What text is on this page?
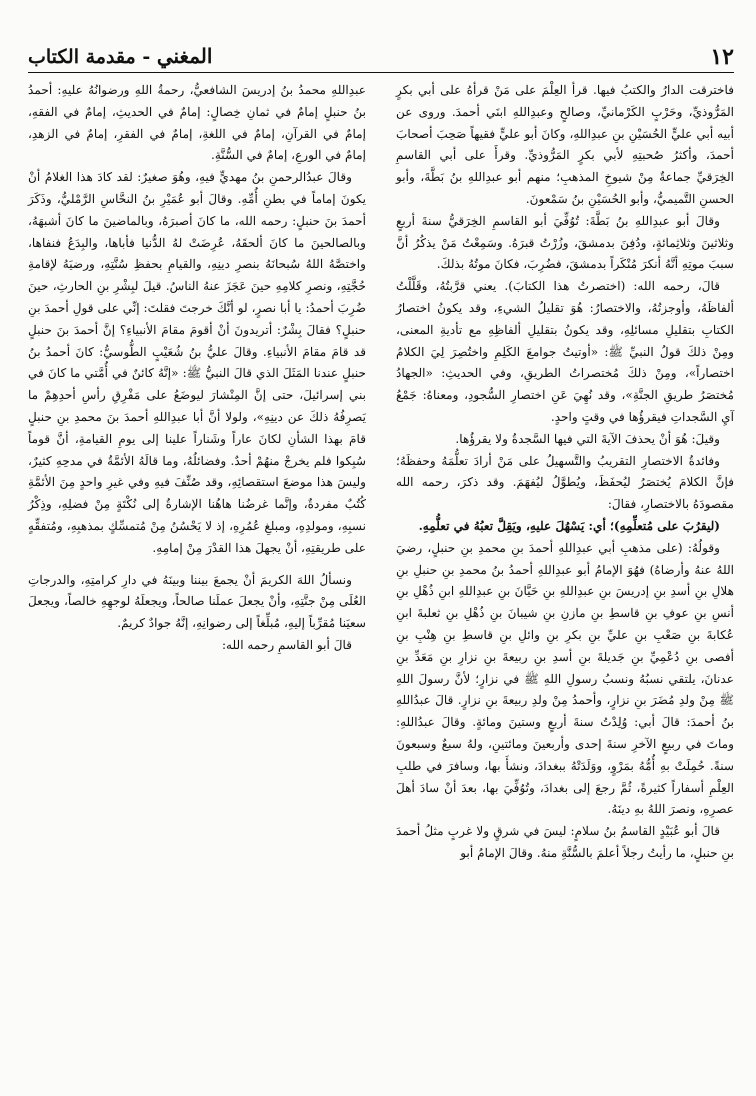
١٢
المغني - مقدمة الكتاب

فاخترقت الدارُ والكتبُ فيها. قرأ العِلْمَ على مَنْ قرأهُ على أبي بكرٍ المَرُّوذيِّ، وحَرْبٍ الكَرْمانيِّ، وصالحٍ وعبدِاللهِ ابنَي أحمدَ. وروى عن أبيه أبي عليٍّ الحُسَيْنِ بنِ عبدِاللهِ، وكانَ أبو عليٍّ فقيهاً صَحِبَ أصحابَ أحمدَ، وأكثرُ صُحبتِهِ لأبي بكرٍ المَرُّوذيِّ. وقرأَ على أبي القاسمِ الخِرَقيِّ جماعةٌ مِنْ شيوخِ المذهبِ؛ منهم أبو عبدِاللهِ بنُ بَطَّةَ، وأبو الحسنِ التَّميميُّ، وأبو الحُسَيْنِ بنُ سَمْعونَ.

وقالَ أبو عبدِاللهِ بنُ بَطَّةَ: تُوُفِّيَ أبو القاسمِ الخِرَقيُّ سنةَ أربعٍ وثلاثينَ وثلاثِمائةٍ، ودُفِنَ بدمشقَ، وزُرْتُ قبرَهُ. وسَمِعْتُ مَنْ يذكُرُ أنَّ سببَ موتِهِ أنَّهُ أنكرَ مُنْكَراً بدمشقَ، فضُرِبَ، فكانَ موتُهُ بذلكَ.

قالَ، رحمه الله: (اختصرتُ هذا الكتابَ). يعني قرَّبتُهُ، وقَلَّلْتُ ألفاظَهُ، وأوجزتُهُ، والاختصارُ: هُوَ تقليلُ الشيءِ، وقد يكونُ اختصارُ الكتابِ بتقليلِ مسائلِهِ، وقد يكونُ بتقليلِ ألفاظِهِ مع تأديةِ المعنى، ومِنْ ذلكَ قولُ النبيِّ ﷺ: «أوتيتُ جوامعَ الكَلِمِ واختُصِرَ لِيَ الكلامُ اختصاراً»، ومِنْ ذلكَ مُختصراتُ الطريقِ، وفي الحديثِ: «الجهادُ مُختصَرُ طريقِ الجنَّةِ»، وقد نُهِيَ عَنِ اختصارِ السُّجودِ، ومعناهُ: جَمْعُ آيِ السَّجداتِ فيقرؤُها في وقتٍ واحدٍ.

وقيلَ: هُوَ أنْ يحذفَ الآيةَ التي فيها السَّجدةُ ولا يقرؤُها.

وفائدةُ الاختصارِ التقريبُ والتَّسهيلُ على مَنْ أرادَ تعلُّمَهُ وحفظَهُ؛ فإنَّ الكلامَ يُختصَرُ ليُحفَظَ، ويُطوَّلُ ليُفهَمَ. وقد ذكرَ، رحمه الله مقصودَهُ بالاختصارِ، فقالَ:

(ليقرُبَ على مُتعلِّمِهِ)؛ أي: يَسْهُلَ عليهِ، ويَقِلَّ تعبُهُ في تعلُّمِهِ.

وقولُهُ: (على مذهبِ أبي عبدِاللهِ أحمدَ بنِ محمدِ بنِ حنبلٍ، رضيَ اللهُ عنهُ وأرضاهُ) فهُوَ الإمامُ أبو عبدِاللهِ أحمدُ بنُ محمدِ بنِ حنبلِ بنِ هلالِ بنِ أسدِ بنِ إدريسَ بنِ عبدِاللهِ بنِ حَيَّانَ بنِ عبدِاللهِ ابنِ ذُهْلِ بنِ أنسِ بنِ عوفِ بنِ قاسطِ بنِ مازنِ بنِ شيبانَ بنِ ذُهْلِ بنِ ثعلبةَ ابنِ عُكابةَ بنِ صَعْبِ بنِ عليِّ بنِ بكرِ بنِ وائلِ بنِ قاسطِ بنِ هِنْبِ بنِ أفصى بنِ دُعْمِيِّ بنِ جَديلةَ بنِ أسدِ بنِ ربيعةَ بنِ نزارِ بنِ مَعَدِّ بنِ عدنانَ، يلتقي نسبُهُ ونسبُ رسولِ اللهِ ﷺ في نزارٍ؛ لأنَّ رسولَ اللهِ ﷺ مِنْ ولدِ مُضَرَ بنِ نزارٍ، وأحمدُ مِنْ ولدِ ربيعةَ بنِ نزارٍ. قالَ عبدُاللهِ بنُ أحمدَ: قالَ أبي: وُلِدْتُ سنةَ أربعٍ وستينَ ومائةٍ. وقالَ عبدُاللهِ: وماتَ في ربيعٍ الآخرِ سنةَ إحدى وأربعينَ ومائتينِ، ولهُ سبعٌ وسبعونَ سنةً. حُمِلَتْ بهِ أُمُّهُ بمَرْوٍ، ووَلَدَتْهُ ببغدادَ، ونشأَ بها، وسافرَ في طلبِ العِلْمِ أسفاراً كثيرةً، ثُمَّ رجعَ إلى بغدادَ، وتُوُفِّيَ بها، بعدَ أنْ سادَ أهلَ عصرِهِ، ونصرَ اللهُ بهِ دينَهُ.

قالَ أبو عُبَيْدٍ القاسمُ بنُ سلامٍ: ليسَ في شرقٍ ولا غربٍ مثلُ أحمدَ بنِ حنبلٍ، ما رأيتُ رجلاً أعلمَ بالسُّنَّةِ منهُ. وقالَ الإمامُ أبو

عبدِاللهِ محمدُ بنُ إدريسَ الشافعيُّ، رحمةُ اللهِ ورضوانُهُ عليهِ: أحمدُ بنُ حنبلٍ إمامٌ في ثمانِ خِصالٍ: إمامٌ في الحديثِ، إمامٌ في الفقهِ، إمامٌ في القرآنِ، إمامٌ في اللغةِ، إمامٌ في الفقرِ، إمامٌ في الزهدِ، إمامٌ في الورعِ، إمامٌ في السُّنَّةِ.

وقالَ عبدُالرحمنِ بنُ مهديٍّ فيهِ، وهُوَ صغيرٌ: لقد كادَ هذا الغلامُ أنْ يكونَ إماماً في بطنِ أُمِّهِ. وقالَ أبو عُمَيْرِ بنُ النحَّاسِ الرَّمْليُّ، وذَكَرَ أحمدَ بنَ حنبلٍ: رحمه الله، ما كانَ أصبرَهُ، وبالماضينَ ما كانَ أشبهَهُ، وبالصالحينَ ما كانَ ألحقَهُ، عُرِضَتْ لهُ الدُّنيا فأباها، والبِدَعُ فنفاها، واختصَّهُ اللهُ سُبحانَهُ بنصرِ دينِهِ، والقيامِ بحفظِ سُنَّتِهِ، ورضيَهُ لإقامةِ حُجَّتِهِ، ونصرِ كلامِهِ حينَ عَجَزَ عنهُ الناسُ. قيلَ لبِشْرِ بنِ الحارثِ، حينَ ضُرِبَ أحمدُ: يا أبا نصرٍ، لو أنَّكَ خرجتَ فقلتَ: إنِّي على قولِ أحمدَ بنِ حنبلٍ؟ فقالَ بِشْرٌ: أتريدونَ أنْ أقومَ مقامَ الأنبياءِ؟ إنَّ أحمدَ بنَ حنبلٍ قد قامَ مقامَ الأنبياءِ. وقالَ عليُّ بنُ شُعَيْبٍ الطُّوسيُّ: كانَ أحمدُ بنُ حنبلٍ عندنا المَثَلَ الذي قالَ النبيُّ ﷺ: «إنَّهُ كائنٌ في أُمَّتي ما كانَ في بني إسرائيلَ، حتى إنَّ المِنْشارَ ليوضَعُ على مَفْرِقِ رأسِ أحدِهِمْ ما يَصرِفُهُ ذلكَ عن دينِهِ»، ولولا أنَّ أبا عبدِاللهِ أحمدَ بنَ محمدِ بنِ حنبلٍ قامَ بهذا الشأنِ لكانَ عاراً وشَناراً علينا إلى يومِ القيامةِ، أنَّ قوماً سُبِكوا فلم يخرجْ منهُمْ أحدٌ. وفضائلُهُ، وما قالَهُ الأئمَّةُ في مدحِهِ كثيرٌ، وليسَ هذا موضعَ استقصائِهِ، وقد صُنِّفَ فيهِ وفي غيرِ واحدٍ مِنَ الأئمَّةِ كُتُبٌ مفردةٌ، وإنَّما غرضُنا هاهُنا الإشارةُ إلى نُكْتَةٍ مِنْ فضلِهِ، وذِكْرُ نسبِهِ، ومولدِهِ، ومبلغِ عُمُرِهِ، إذ لا يَحْسُنُ مِنْ مُتمسِّكٍ بمذهبِهِ، ومُتفقِّهٍ على طريقتِهِ، أنْ يجهلَ هذا القدْرَ مِنْ إمامِهِ.

ونسألُ اللهَ الكريمَ أنْ يجمعَ بيننا وبينَهُ في دارِ كرامتِهِ، والدرجاتِ العُلَى مِنْ جنَّتِهِ، وأنْ يجعلَ عملَنا صالحاً، ويجعلَهُ لوجهِهِ خالصاً، ويجعلَ سعيَنا مُقرِّباً إليهِ، مُبلِّغاً إلى رضوانِهِ، إنَّهُ جوادٌ كريمٌ.

قالَ أبو القاسمِ رحمه الله:
